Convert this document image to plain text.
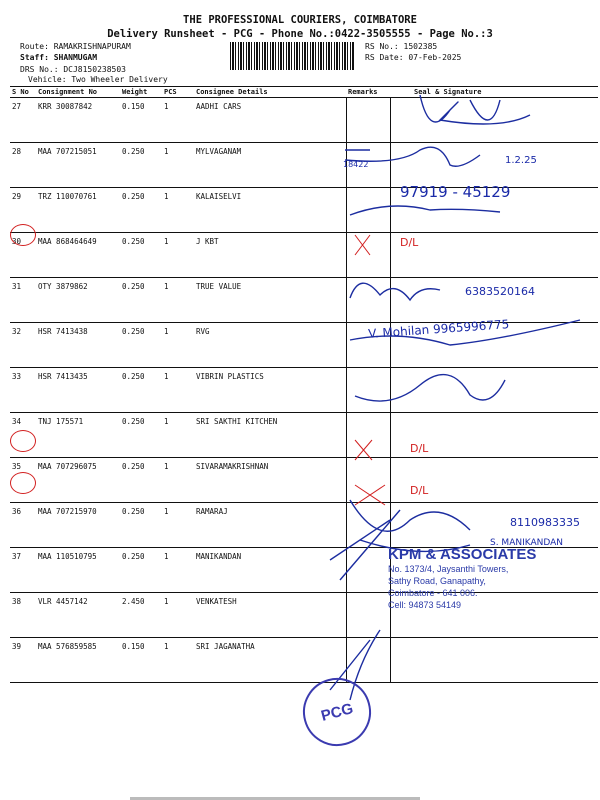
THE PROFESSIONAL COURIERS, COIMBATORE
Delivery Runsheet - PCG - Phone No.:0422-3505555 - Page No.:3
Route: RAMAKRISHNAPURAM
Staff: SHANMUGAM
DRS No.: DCJ8150238503
Vehicle: Two Wheeler Delivery
RS No.: 1502385
RS Date: 07-Feb-2025
S No	Consignment No	Weight	PCS	Consignee Details	Remarks	Seal & Signature
27	KRR 30087842	0.150	1	AADHI CARS		
28	MAA 707215051	0.250	1	MYLVAGANAM		
29	TRZ 110070761	0.250	1	KALAISELVI		
30	MAA 868464649	0.250	1	J KBT		
31	OTY 3879862	0.250	1	TRUE VALUE		
32	HSR 7413438	0.250	1	RVG		
33	HSR 7413435	0.250	1	VIBRIN PLASTICS		
34	TNJ 175571	0.250	1	SRI SAKTHI KITCHEN		
35	MAA 707296075	0.250	1	SIVARAMAKRISHNAN		
36	MAA 707215970	0.250	1	RAMARAJ		
37	MAA 110510795	0.250	1	MANIKANDAN		
38	VLR 4457142	2.450	1	VENKATESH		
39	MAA 576859585	0.150	1	SRI JAGANATHA		
18422	1.2.25
97919 - 45129
D/L
6383520164
V. Mohilan 9965996775
D/L
D/L
8110983335
S. MANIKANDAN
KPM & ASSOCIATES
No. 1373/4, Jaysanthi Towers,
Sathy Road, Ganapathy,
Coimbatore - 641 006.
Cell: 94873 54149
PCG
